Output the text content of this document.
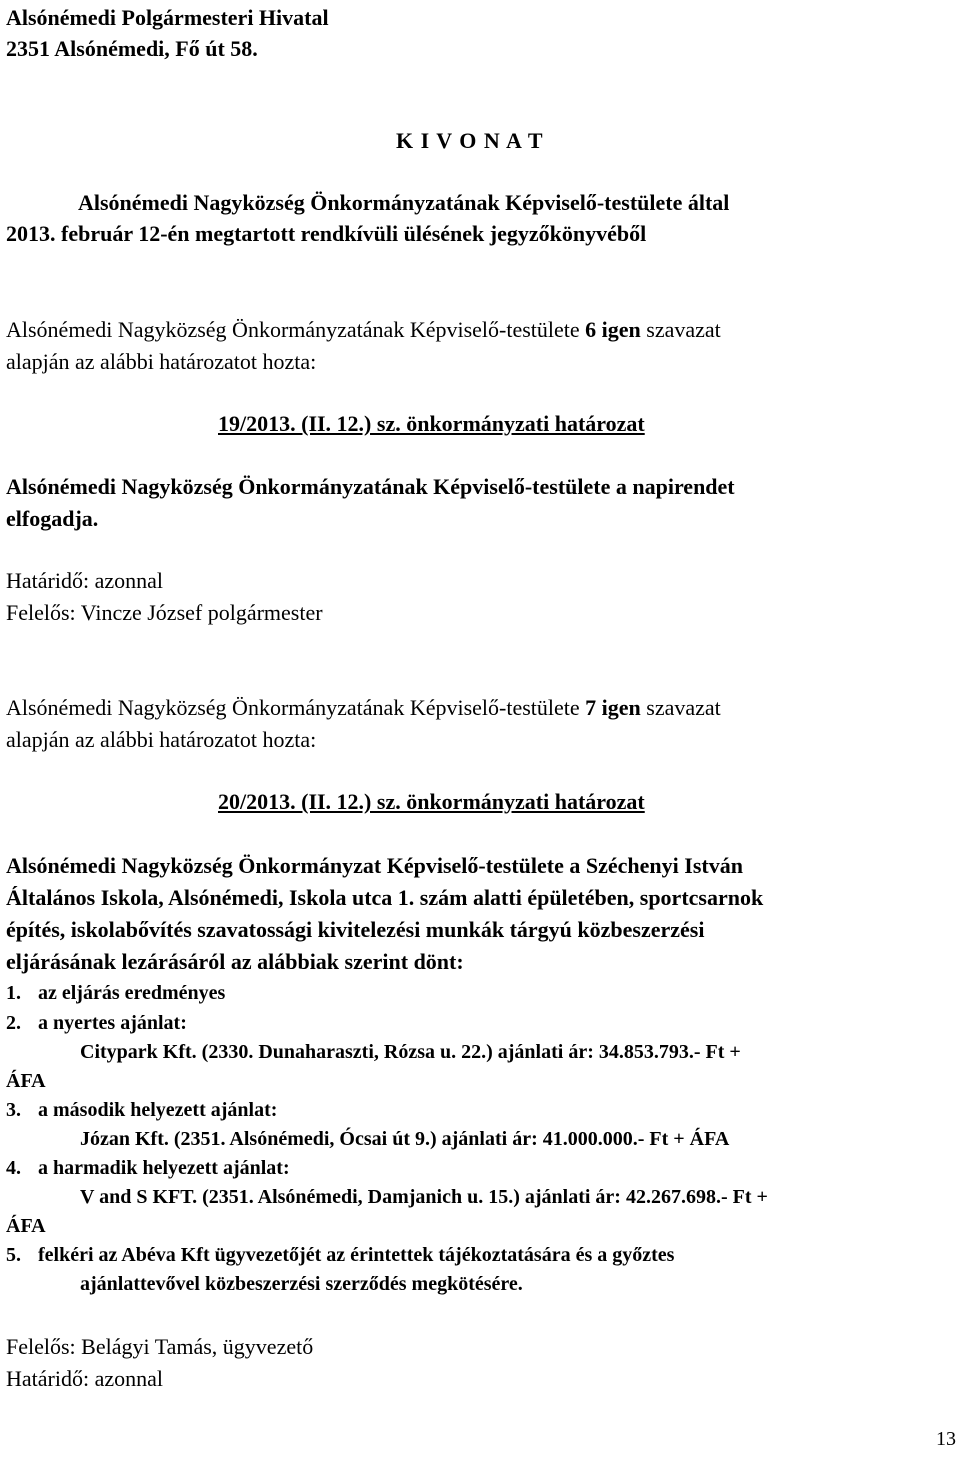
Alsónémedi Polgármesteri Hivatal
2351 Alsónémedi, Fő út 58.
K I V O N A T
Alsónémedi Nagyközség Önkormányzatának Képviselő-testülete által
2013. február 12-én megtartott rendkívüli ülésének jegyzőkönyvéből
Alsónémedi Nagyközség Önkormányzatának Képviselő-testülete 6 igen szavazat
alapján az alábbi határozatot hozta:
19/2013. (II. 12.) sz. önkormányzati határozat
Alsónémedi Nagyközség Önkormányzatának Képviselő-testülete a napirendet
elfogadja.
Határidő: azonnal
Felelős: Vincze József polgármester
Alsónémedi Nagyközség Önkormányzatának Képviselő-testülete 7 igen szavazat
alapján az alábbi határozatot hozta:
20/2013. (II. 12.) sz. önkormányzati határozat
Alsónémedi Nagyközség Önkormányzat Képviselő-testülete a Széchenyi István
Általános Iskola, Alsónémedi, Iskola utca 1. szám alatti épületében, sportcsarnok
építés, iskolabővítés szavatossági kivitelezési munkák tárgyú közbeszerzési
eljárásának lezárásáról az alábbiak szerint dönt:
1. az eljárás eredményes
2. a nyertes ajánlat:
Citypark Kft. (2330. Dunaharaszti, Rózsa u. 22.) ajánlati ár: 34.853.793.- Ft +
ÁFA
3. a második helyezett ajánlat:
Józan Kft. (2351. Alsónémedi, Ócsai út 9.) ajánlati ár: 41.000.000.- Ft + ÁFA
4. a harmadik helyezett ajánlat:
V and S KFT. (2351. Alsónémedi, Damjanich u. 15.) ajánlati ár: 42.267.698.- Ft +
ÁFA
5. felkéri az Abéva Kft ügyvezetőjét az érintettek tájékoztatására és a győztes
ajánlattevővel közbeszerzési szerződés megkötésére.
Felelős: Belágyi Tamás, ügyvezető
Határidő: azonnal
13
